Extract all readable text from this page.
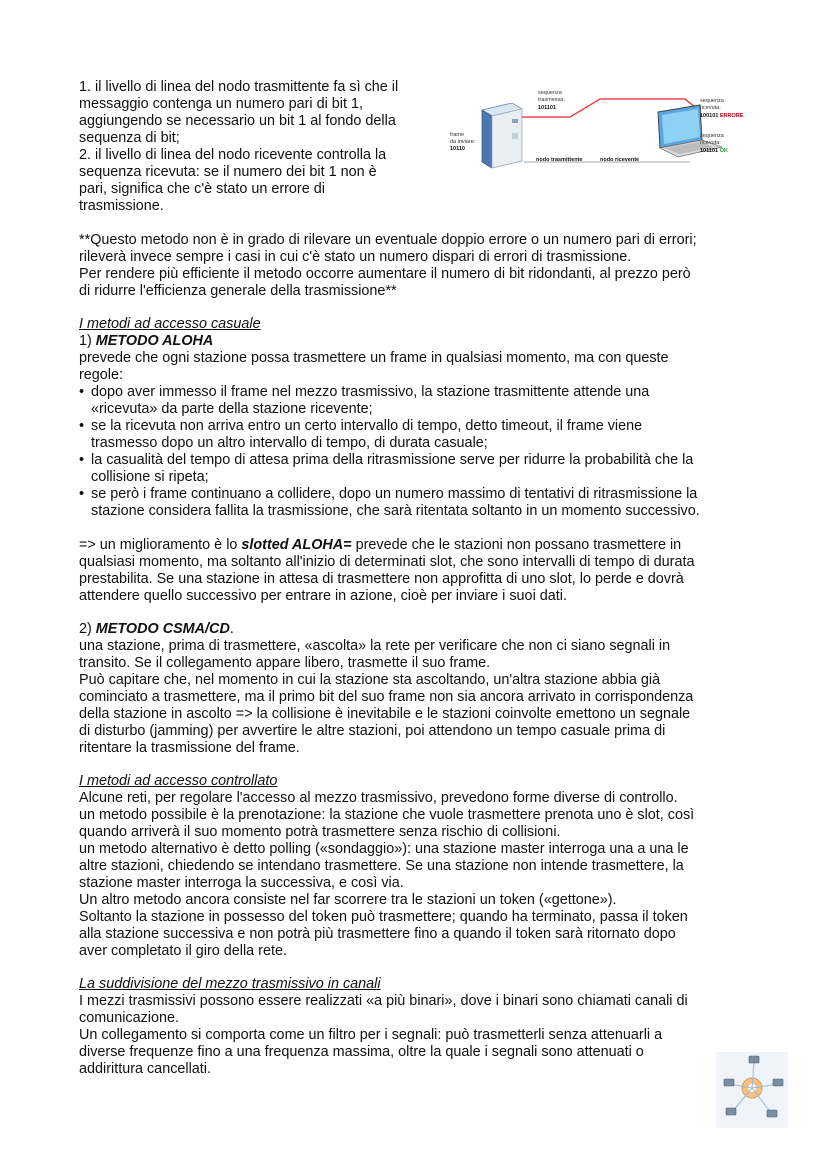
1. il livello di linea del nodo trasmittente fa sì che il
messaggio contenga un numero pari di bit 1,
aggiungendo se necessario un bit 1 al fondo della
sequenza di bit;
2. il livello di linea del nodo ricevente controlla la
sequenza ricevuta: se il numero dei bit 1 non è
pari, significa che c'è stato un errore di
trasmissione.
frame
da inviare:
10110
sequenza
trasmessa:
101101
sequenza
ricevuta:
100101 ERRORE
sequenza
ricevuta:
101101 OK
nodo trasmittente	nodo ricevente
**Questo metodo non è in grado di rilevare un eventuale doppio errore o un numero pari di errori;
rileverà invece sempre i casi in cui c'è stato un numero dispari di errori di trasmissione.
Per rendere più efficiente il metodo occorre aumentare il numero di bit ridondanti, al prezzo però
di ridurre l'efficienza generale della trasmissione**
I metodi ad accesso casuale
1) METODO ALOHA
prevede che ogni stazione possa trasmettere un frame in qualsiasi momento, ma con queste
regole:
• dopo aver immesso il frame nel mezzo trasmissivo, la stazione trasmittente attende una
«ricevuta» da parte della stazione ricevente;
• se la ricevuta non arriva entro un certo intervallo di tempo, detto timeout, il frame viene
trasmesso dopo un altro intervallo di tempo, di durata casuale;
• la casualità del tempo di attesa prima della ritrasmissione serve per ridurre la probabilità che la
collisione si ripeta;
• se però i frame continuano a collidere, dopo un numero massimo di tentativi di ritrasmissione la
stazione considera fallita la trasmissione, che sarà ritentata soltanto in un momento successivo.
=> un miglioramento è lo slotted ALOHA= prevede che le stazioni non possano trasmettere in
qualsiasi momento, ma soltanto all'inizio di determinati slot, che sono intervalli di tempo di durata
prestabilita. Se una stazione in attesa di trasmettere non approfitta di uno slot, lo perde e dovrà
attendere quello successivo per entrare in azione, cioè per inviare i suoi dati.
2) METODO CSMA/CD.
una stazione, prima di trasmettere, «ascolta» la rete per verificare che non ci siano segnali in
transito. Se il collegamento appare libero, trasmette il suo frame.
Può capitare che, nel momento in cui la stazione sta ascoltando, un'altra stazione abbia già
cominciato a trasmettere, ma il primo bit del suo frame non sia ancora arrivato in corrispondenza
della stazione in ascolto => la collisione è inevitabile e le stazioni coinvolte emettono un segnale
di disturbo (jamming) per avvertire le altre stazioni, poi attendono un tempo casuale prima di
ritentare la trasmissione del frame.
I metodi ad accesso controllato
Alcune reti, per regolare l'accesso al mezzo trasmissivo, prevedono forme diverse di controllo.
un metodo possibile è la prenotazione: la stazione che vuole trasmettere prenota uno è slot, così
quando arriverà il suo momento potrà trasmettere senza rischio di collisioni.
un metodo alternativo è detto polling («sondaggio»): una stazione master interroga una a una le
altre stazioni, chiedendo se intendano trasmettere. Se una stazione non intende trasmettere, la
stazione master interroga la successiva, e così via.
Un altro metodo ancora consiste nel far scorrere tra le stazioni un token («gettone»).
Soltanto la stazione in possesso del token può trasmettere; quando ha terminato, passa il token
alla stazione successiva e non potrà più trasmettere fino a quando il token sarà ritornato dopo
aver completato il giro della rete.
La suddivisione del mezzo trasmissivo in canali
I mezzi trasmissivi possono essere realizzati «a più binari», dove i binari sono chiamati canali di
comunicazione.
Un collegamento si comporta come un filtro per i segnali: può trasmetterli senza attenuarli a
diverse frequenze fino a una frequenza massima, oltre la quale i segnali sono attenuati o
addirittura cancellati.
